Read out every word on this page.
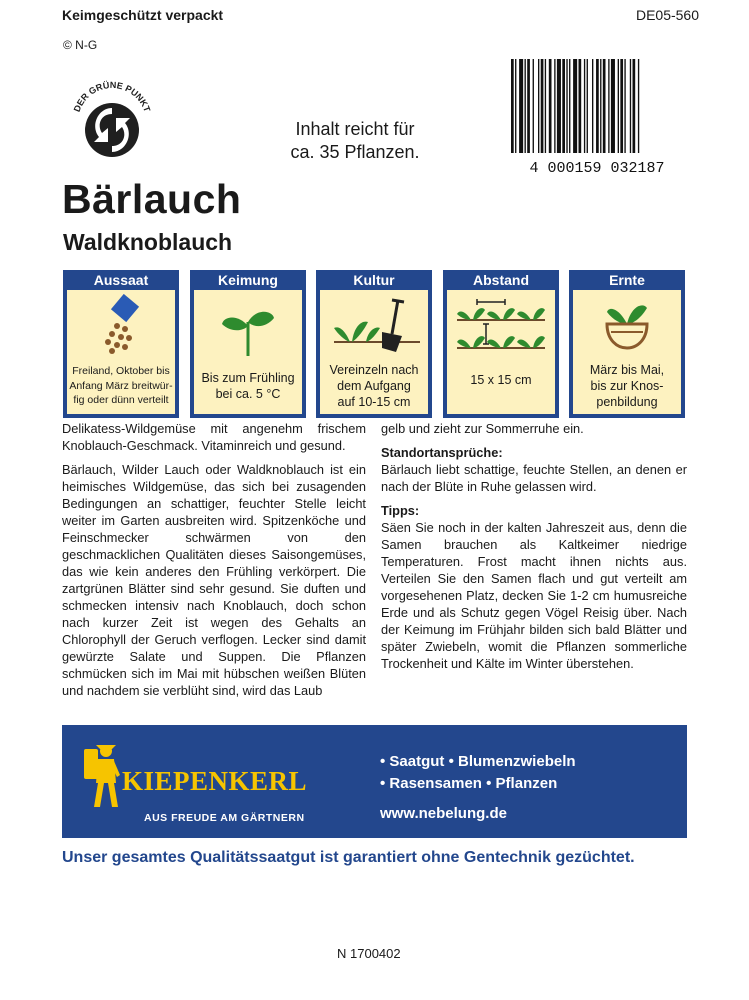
Keimgeschützt verpackt	DE05-560
© N-G
DER GRÜNE PUNKT
Inhalt reicht für
ca. 35 Pflanzen.
4 000159 032187
Bärlauch
Waldknoblauch
Aussaat
Freiland, Oktober bis
Anfang März breitwür-
fig oder dünn verteilt
Keimung
Bis zum Frühling
bei ca. 5 °C
Kultur
Vereinzeln nach
dem Aufgang
auf 10-15 cm
Abstand
15 x 15 cm
Ernte
März bis Mai,
bis zur Knos-
penbildung

Delikatess-Wildgemüse mit angenehm frischem Knoblauch-Geschmack. Vitaminreich und gesund.

Bärlauch, Wilder Lauch oder Waldknoblauch ist ein heimisches Wildgemüse, das sich bei zusagenden Bedingungen an schattiger, feuchter Stelle leicht weiter im Garten ausbreiten wird. Spitzenköche und Feinschmecker schwärmen von den geschmacklichen Qualitäten dieses Saisongemüses, das wie kein anderes den Frühling verkörpert. Die zartgrünen Blätter sind sehr gesund. Sie duften und schmecken intensiv nach Knoblauch, doch schon nach kurzer Zeit ist wegen des Gehalts an Chlorophyll der Geruch verflogen. Lecker sind damit gewürzte Salate und Suppen. Die Pflanzen schmücken sich im Mai mit hübschen weißen Blüten und nachdem sie verblüht sind, wird das Laub

gelb und zieht zur Sommerruhe ein.

Standortansprüche:

Bärlauch liebt schattige, feuchte Stellen, an denen er nach der Blüte in Ruhe gelassen wird.

Tipps:

Säen Sie noch in der kalten Jahreszeit aus, denn die Samen brauchen als Kaltkeimer niedrige Temperaturen. Frost macht ihnen nichts aus. Verteilen Sie den Samen flach und gut verteilt am vorgesehenen Platz, decken Sie 1-2 cm humusreiche Erde und als Schutz gegen Vögel Reisig über. Nach der Keimung im Frühjahr bilden sich bald Blätter und später Zwiebeln, womit die Pflanzen sommerliche Trockenheit und Kälte im Winter überstehen.

KIEPENKERL
AUS FREUDE AM GÄRTNERN
• Saatgut • Blumenzwiebeln
• Rasensamen • Pflanzen
www.nebelung.de
Unser gesamtes Qualitätssaatgut ist garantiert ohne Gentechnik gezüchtet.
N 1700402
